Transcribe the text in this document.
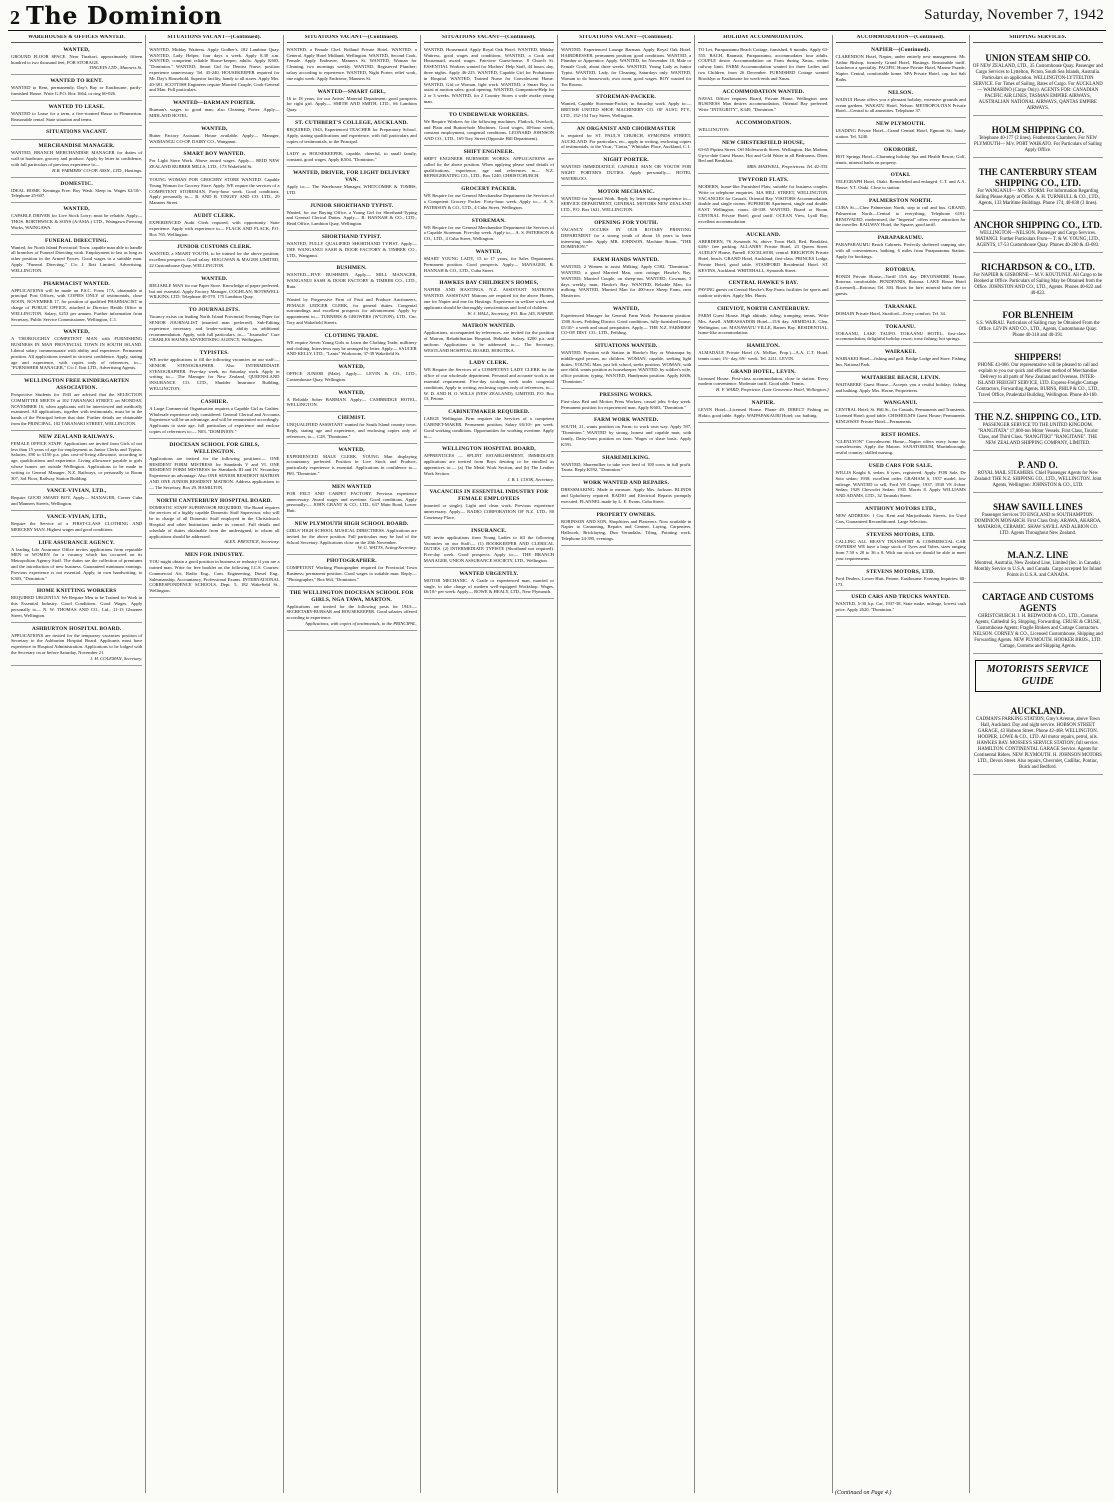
2 The Dominion	Saturday, November 7, 1942
WAREHOUSES & OFFICES WANTED.
WANTED,
GROUND FLOOR SPACE. Near Tinakori, approximately fifteen hundred to two thousand feet, FOR STORAGE.
TINGEYS LTD., Manners St.
WANTED TO RENT.
WANTED to Rent, permanently, Day's Bay or Eastbourne, partly-furnished House. Write G.P.O. Box 1664, or ring 60-026.
WANTED TO LEASE.
WANTED to Lease for a term, a five-roomed House in Plimmerton. Reasonable rental. State situation and terms.
SITUATIONS VACANT.
MERCHANDISE MANAGER.
WANTED, BRANCH MERCHANDISE MANAGER for duties of wall in hardware, grocery and produce. Apply by letter in confidence, with full particulars of previous experience to—
H.B. FARMERS' CO-OP. ASSN., LTD., Hastings.
DOMESTIC.
IDEAL HOME. Kentinga Free. Boy Wash. Sleep in. Wages £2/10/-. Telephone 25-607.
WANTED,
CAPABLE DRIVER for Live Stock Lorry; must be reliable. Apply— THOS. BORTHWICK & SONS (A/ASIA.) LTD., Waingawa Freezing Works, WAINGAWA.
FUNERAL DIRECTING.
Wanted, for North Island Provincial Town, capable man able to handle all branches of Funeral Directing work. Employment to last as long as other position in the Armed Forces. Good wages to a suitable man. Apply "Funeral Directing," C/o J. Ilott Limited, Advertising, WELLINGTON.
PHARMACIST WANTED.
APPLICATIONS will be made on P.S.C. Form 17A, obtainable at principal Post Offices, with COPIES ONLY of testimonials, close NOON, NOVEMBER 17, for position of qualified PHARMACIST in charge of PUBLIC OFFICE, attached to Director Health Office in WELLINGTON. Salary, £253 per annum. Further information from Secretary, Public Service Commissioner, Wellington, C.1.
WANTED,
A THOROUGHLY COMPETENT MAN with FURNISHING BUSINESS IN MAN PROVINCIAL TOWN IN SOUTH ISLAND. Liberal salary commensurate with ability and experience. Permanent position. All applications treated in strictest confidence. Apply, stating age and experience, with copies only of references, to— "FURNISHER MANAGER," C/o J. Ilott LTD., Advertising Agents.
WELLINGTON FREE KINDERGARTEN ASSOCIATION.
Prospective Students for 1943 are advised that the SELECTION COMMITTEE MEETS at 102 TARANAKI STREET, on MONDAY, NOVEMBER 16, when applicants will be interviewed and medically examined. All applications, together with testimonials, must be in the hands of the Principal before that date. Further details are obtainable from the PRINCIPAL, 102 TARANAKI STREET, WELLINGTON.
NEW ZEALAND RAILWAYS.
FEMALE OFFICE STAFF. Applications are invited from Girls of not less than 15 years of age for employment as Junior Clerks and Typists. Salaries, £90 to £150 p.a. plus cost-of-living allowance, according to age, qualifications and experience. Living allowance payable to girls whose homes are outside Wellington. Applications to be made in writing to General Manager, N.Z. Railways, or personally to Room 307, 3rd Floor, Railway Station Building.
VANCE-VIVIAN, LTD.,
Require GOOD SMART BOY. Apply— MANAGER, Corner Cuba and Manners Streets, Wellington.
VANCE-VIVIAN, LTD.,
Require the Service of a FIRST-CLASS CLOTHING AND MERCERY MAN. Highest wages and good conditions.
LIFE ASSURANCE AGENCY.
A leading Life Assurance Office invites applications from reputable MEN or WOMEN for a vacancy which has occurred on its Metropolitan Agency Staff. The duties are the collection of premiums and the introduction of new business. Guaranteed minimum earnings. Previous experience is not essential. Apply, in own handwriting, to K303, "Dominion."
HOME KNITTING WORKERS
REQUIRED URGENTLY. We Require Men to be Trained for Work in this Essential Industry. Good Conditions. Good Wages. Apply personally to— N. W. THOMAS AND CO., Ltd., 11-13 Ghuznee Street, Wellington.
ASHBURTON HOSPITAL BOARD.
APPLICATIONS are invited for the temporary vacancies position of Secretary to the Ashburton Hospital Board. Applicants must have experience in Hospital Administration. Applications to be lodged with the Secretary on or before Saturday, November 21.
J. H. COLEMAN, Secretary.
SITUATIONS VACANT—(Continued).
WANTED, Midday Waitress. Apply Godber's, 182 Lambton Quay. WANTED, Lady Helper, four days a week. Apply 8.30 a.m. WANTED, competent reliable House-keeper; adults. Apply K603, "Dominion." WANTED, Smart Girl for Dentist Nurse; position experience unnecessary. Tel. 45-240. HOUSEKEEPER required for Mr. Day's Household. Superior facility, handy to all stores. Apply Mrs. 40-381. SCOTTISH Engineers require Married Couple; Cook-General and Man. Full particulars.
WANTED—BARMAN PORTER.
Burman's wages to good man; also Cleaning Porter. Apply— MIDLAND HOTEL.
WANTED,
Butter Factory Assistant. House available. Apply— Manager, WAIMANGU CO-OP. DAIRY CO., Wanganui.
SMART BOY WANTED.
For Light Store Work. Above award wages. Apply— REID NEW ZEALAND RUBBER MILLS, LTD., 173 Wakefield St.
YOUNG WOMAN FOR GROCERY STORE WANTED. Capable Young Woman for Grocery Store. Apply. WE require the services of a COMPETENT STOREMAN. Forty-hour week. Good conditions. Apply personally to— R. AND B. TINGEY AND CO. LTD., 29 Manners Street.
AUDIT CLERK.
EXPERIENCED Audit Clerk required, with opportunity. State experience. Apply with experience to— FLACK AND FLACK, P.O. Box 765, Wellington.
JUNIOR CUSTOMS CLERK.
WANTED, a SMART YOUTH, to be trained for the above position; excellent prospects. Good salary. HOGGWAN & MAGER LIMITED, 22 Customhouse Quay, WELLINGTON.
WANTED.
RELIABLE MAN for our Paper Store. Knowledge of paper preferred, but not essential. Apply Factory Manager, COGHLAN, BOTHWELL WILKINS, LTD. Telephone 40-570. 175 Lambton Quay.
TO JOURNALISTS.
Vacancy exists on leading North Island Provincial Evening Paper for SENIOR JOURNALIST (married man preferred). Sub-Editing experience necessary and leader-writing ability an additional recommendation. Apply, with full particulars, to— "Journalist" Care CHARLES HAINES ADVERTISING AGENCY, Wellington.
TYPISTES.
WE invite applications to fill the following vacancies on our staff:— SENIOR STENOGRAPHER. Also INTERMEDIATE STENOGRAPHER. Five-day week, no Saturday work. Apply in writing to— The Manager for New Zealand, QUEENSLAND INSURANCE CO. LTD., Shudder Insurance Building, WELLINGTON.
CASHIER.
A Large Commercial Organisation requires a Capable Girl as Cashier. Wholesale experience only considered. General Clerical and Accounts Experience will be an advantage, and will be remunerated accordingly. Applicants to state age, full particulars of experience and enclose copies of references to:— N03, "DOMINION."
DIOCESAN SCHOOL FOR GIRLS, WELLINGTON.
Applications are invited for the following positions:— ONE RESIDENT FORM MISTRESS for Standards V and VI. ONE RESIDENT FORM MISTRESS for Standards III and IV. Secondary Experience an advantage. Also ONE SENIOR RESIDENT MATRON AND ONE JUNIOR RESIDENT MATRON. Address applications to— The Secretary, Box 29, HAMILTON.
NORTH CANTERBURY HOSPITAL BOARD.
DOMESTIC STAFF SUPERVISOR REQUIRED. The Board requires the services of a highly capable Domestic Staff Supervisor, who will be in charge of all Domestic Staff employed in the Christchurch Hospital and other Institutions under its control. Full details and schedule of duties obtainable from the undersigned, to whom all applications should be addressed.
ALEX. PRENTICE, Secretary.
MEN FOR INDUSTRY.
YOU might obtain a good position in business or industry if you are a trained man. Write for free booklet on the following I.C.S. Courses: Commercial Art, Radio Eng., Com. Engineering, Diesel Eng., Salesmanship, Accountancy, Professional Exams. INTERNATIONAL CORRESPONDENCE SCHOOLS, Dept. 5, 182 Wakefield St., Wellington.
SITUATIONS VACANT—(Continued).
WANTED, a Female Chef. Rolland Private Hotel. WANTED, a General. Apply Hotel Midland, Wellington. WANTED, Second Cook, Female. Apply Endeaver, Manners St. WANTED, Woman for Cleaning, two mornings weekly. WANTED, Registered Plumber; salary according to experience. WANTED, Night Porter; relief work, one night week. Apply Endeavor, Manners St.
WANTED—SMART GIRL,
16 to 18 years, for our Artists' Material Department; good prospects for right girl. Apply— SMITH AND SMITH, LTD., 66 Lambton Quay.
ST. CUTHBERT'S COLLEGE, AUCKLAND.
REQUIRED, 1943, Experienced TEACHER for Preparatory School. Apply, stating qualifications and experience, with full particulars and copies of testimonials, to the Principal.
LADY as HOUSEKEEPER, capable, cheerful, to small family, constant, good wages. Apply K504, "Dominion."
WANTED, DRIVER, FOR LIGHT DELIVERY VAN.
Apply to:— The Warehouse Manager, WHITCOMBE & TOMBS, LTD.
JUNIOR SHORTHAND TYPIST.
Wanted, for our Buying Office, a Young Girl for Shorthand-Typing and General Clerical Duties. Apply— R. HANNAH & CO., LTD., Head Office, Lambton Quay, Wellington.
SHORTHAND TYPIST.
WANTED, FULLY QUALIFIED SHORTHAND TYPIST. Apply— THE WANGANUI SASH & DOOR FACTORY & TIMBER CO., LTD., Wanganui.
BUSHMEN.
WANTED—FIVE BUSHMEN. Apply— MILL MANAGER, WANGANUI SASH & DOOR FACTORY & TIMBER CO., LTD., Ruia.
Wanted by Progressive Firm of Fruit and Produce Auctioneers, FEMALE LEDGER CLERK, for general duties. Congenial surroundings and excellent prospects for advancement. Apply by appointment to— TURNERS & GROWERS (W'GTON), LTD., Cnr. Tory and Wakefield Streets.
CLOTHING TRADE.
WE require Seven Young Girls to Learn the Clothing Trade, millinery and clothing. Interviews may be arranged by letter. Apply— SAUCER AND KELLY, LTD., "Lanix" Workroom, 37-39 Wakefield St.
WANTED,
OFFICE JUNIOR (Male). Apply— LEVIN & CO., LTD., Customhouse Quay, Wellington.
WANTED,
A Reliable Sober BARMAN. Apply— CAMBRIDGE HOTEL, WELLINGTON.
CHEMIST.
UNQUALIFIED ASSISTANT wanted for South Island country town. Reply, stating age and experience, and enclosing copies only of references, to— C28, "Dominion."
WANTED,
EXPERIENCED MALE CLERK. YOUNG Man displaying accountancy preferred. Position in Live Stock and Produce, particularly experience is essential. Applications in confidence to— P69, "Dominion."
MEN WANTED
FOR FELT AND CARPET FACTORY. Previous experience unnecessary. Award wages and overtime. Good conditions. Apply personally:— JOHN GRANT & CO., LTD., 637 Main Road, Lower Hutt.
NEW PLYMOUTH HIGH SCHOOL BOARD.
GIRLS' HIGH SCHOOL MUSICAL DIRECTRESS. Applications are invited for the above position. Full particulars may be had of the School Secretary. Applications close on the 20th November.
W. G. WATTS, Acting-Secretary.
PHOTOGRAPHER.
COMPETENT Working Photographer required for Provincial Town Business; permanent position. Good wages to suitable man. Reply— "Photographer," Box 664, "Dominion."
THE WELLINGTON DIOCESAN SCHOOL FOR GIRLS, NGA TAWA, MARTON.
Applications are invited for the following posts for 1943:— SECRETARY-BURSAR and HOUSEKEEPER. Good salaries offered according to experience.
Applications, with copies of testimonials, to the PRINCIPAL.
SITUATIONS VACANT—(Continued).
WANTED, Housemaid. Apply Royal Oak Hotel. WANTED, Midday Waitress, good wages and conditions. WANTED, a Cook and Housemaid, award wages. Fairview Guest-house, 8 Church St. ESSENTIAL Workers wanted for Mothers' Help Staff, 44 hours, day, three nights. Apply 46-225. WANTED, Capable Girl for Probationer in Hospital. WANTED, Trained Nurse for Convalescent Home. WANTED, Girl or Woman, light work. WANTED, a Smart Boy, to assist at auction sales; good opening. WANTED, Companion-Help for 2 or 3 weeks. WANTED, for 2 Country Stores a wide awake young man.
TO UNDERWEAR WORKERS.
We Require Workers for the following machines, Flatlock, Overlock, and Plain and Button-hole Machines. Good wages, 40-hour week, constant employment, congenial conditions. LEONARD JOHNSON AND CO., LTD., 169 Tory Street (Opposite Hill Department).
SHIFT ENGINEER.
SHIFT ENGINEER BURNSIDE WORKS. APPLICATIONS are called for the above position. When applying please send details of qualifications, experience, age and references to— N.Z. REFRIGERATING CO., LTD., Box 1240, CHRISTCHURCH.
GROCERY PACKER.
WE Require for our General Merchandise Department the Services of a Competent Grocery Packer. Forty-hour week. Apply to— A. S. PATERSON & CO., LTD., 4 Cuba Street, Wellington.
STOREMAN.
WE Require for our General Merchandise Department the Services of a Capable Storeman. Five-day week. Apply to— A. S. PATERSON & CO., LTD., 4 Cuba Street, Wellington.
WANTED,
SMART YOUNG LADY, 15 to 17 years, for Sales Department. Permanent position. Good prospects. Apply— MANAGER, R. HANNAH & CO., LTD., Cuba Street.
HAWKES BAY CHILDREN'S HOMES,
NAPIER AND HASTINGS, N.Z. ASSISTANT MATRONS WANTED. ASSISTANT Matrons are required for the above Homes, one for Napier and one for Hastings. Experience in welfare work, and applicants should be thoroughly conscientious and fond of children.
W. J. HALL, Secretary, P.O. Box 145, NAPIER.
MATRON WANTED.
Applications, accompanied by references, are invited for the position of Matron, Rehabilitation Hospital, Hokitika. Salary, £200 p.a. and uniform. Applications to be addressed to:— The Secretary, WESTLAND HOSPITAL BOARD, HOKITIKA.
LADY CLERK.
WE Require the Services of a COMPETENT LADY CLERK for the office of our wholesale department. Personal and accurate work is an essential requirement. Five-day working week under congenial conditions. Apply in writing, enclosing copies only of references, to— W. D. AND H. O. WILLS (NEW ZEALAND), LIMITED, P.O. Box 13, Petone.
CABINETMAKER REQUIRED.
LARGE Wellington Firm requires the Services of a competent CABINET-MAKER. Permanent position. Salary £6/10/- per week. Good working conditions. Opportunities for working overtime. Apply to—
WELLINGTON HOSPITAL BOARD,
APPRENTICES — SPLINT ESTABLISHMENT. IMMEDIATE applications are invited from Boys desiring to be enrolled as apprentices to:— (a) The Metal Work Section, and (b) The Leather Work Section.
J. B. I. COOK, Secretary.
VACANCIES IN ESSENTIAL INDUSTRY FOR FEMALE EMPLOYEES
(married or single). Light and clean work. Previous experience unnecessary. Apply— RADIO CORPORATION OF N.Z. LTD., 80 Courtenay Place.
INSURANCE.
WE invite applications from Young Ladies to fill the following Vacancies on our Staff:— (1) BOOKKEEPER AND CLERICAL DUTIES. (2) INTERMEDIATE TYPISTE (Shorthand not required). Five-day week. Good prospects. Apply to:— THE BRANCH MANAGER, UNION ASSURANCE SOCIETY, LTD., Wellington.
WANTED URGENTLY.
MOTOR MECHANIC. A Grade or experienced man, married or single, to take charge of modern well-equipped Workshop. Wages, £6/10/- per week. Apply— ROWE & HEALY, LTD., New Plymouth.
SITUATIONS VACANT—(Continued).
WANTED, Experienced Lounge Barman. Apply Royal Oak Hotel. HAIRDRESSER, permanent position; good conditions. WANTED, a Plumber or Apprentice. Apply. WANTED, for November 18, Male or Female Cook, about three weeks. WANTED, Young Lady as Junior Typist. WANTED, Lady, for Cleaning, Saturdays only. WANTED, Woman to do housework; own room, good wages. BOY wanted for Tea Rooms.
STOREMAN-PACKER.
Wanted, Capable Storeman-Packer, to Saturday work. Apply to:— BRITISH UNITED SHOE MACHINERY CO. OF AUST. PTY., LTD., 152-154 Tory Street, Wellington.
AN ORGANIST AND CHOIRMASTER
is required for ST. PAUL'S CHURCH, SYMONDS STREET, AUCKLAND. For particulars, etc., apply in writing, enclosing copies of testimonials, to the Vicar, "Cintra," Whittaker Place, Auckland, C.1.
NIGHT PORTER.
WANTED IMMEDIATELY, CAPABLE MAN OR YOUTH FOR NIGHT PORTER'S DUTIES. Apply personally— HOTEL WATERLOO.
MOTOR MECHANIC.
WANTED for Special Work. Reply by letter stating experience to— SERVICE DEPARTMENT, GENERAL MOTORS NEW ZEALAND LTD., P.O. Box 1621, WELLINGTON.
OPENING FOR YOUTH.
VACANCY OCCURS IN OUR ROTARY PRINTING DEPARTMENT for a strong youth of about 16 years to learn interesting trade. Apply MR. JOHNSON, Machine Room, "THE DOMINION."
FARM HANDS WANTED.
WANTED, 2 Women to assist Milking. Apply C582, "Dominion." WANTED, a good Married Man, own cottage; Hawke's Bay. WANTED, Married Couple, on sheep-run. WANTED, Cowman, 3 days weekly, man, Hawke's Bay. WANTED, Reliable Man, for milking. WANTED, Married Man for 400-acre Sheep Farm, near Masterton.
WANTED,
Experienced Manager for General Farm Work. Permanent position. 1500 Acres, Feilding District. Good conditions, fully-furnished house; £5/10/- a week and usual perquisites. Apply— THE N.Z. FARMERS' CO-OP. DIST. CO., LTD., Feilding.
SITUATIONS WANTED.
WANTED, Position with Station in Hawke's Bay or Wairarapa by middle-aged person, no children. WOMAN, capable, seeking light duties. YOUNG Man, just left school, seeks position. WOMAN, with one child, wants position as housekeeper. WANTED, by soldier's wife, office position; typing. WANTED, Handyman position. Apply K606, "Dominion."
PRESSING WORKS.
First-class Bed and Motion Press Workers, casual jobs; 6-day week. Permanent position for experienced man. Apply K603, "Dominion."
FARM WORK WANTED.
SOUTH, 21, wants position on Farm; to work own way. Apply 597, "Dominion." WANTED by strong, honest and capable man, with family, Dairy-farm position on farm. Wages or share basis. Apply K591.
SHAREMILKING.
WANTED, Sharemilker to take over herd of 100 cows in full profit. Tarata. Reply K592, "Dominion."
WORK WANTED AND REPAIRS.
DRESSMAKING. Made to measure. Apply Mrs. Jackson. BLINDS and Upholstery repaired. RADIO and Electrical Repairs promptly executed. FLANNEL made by L. E. Evans, Cuba Street.
PROPERTY OWNERS.
ROBINSON AND SON, Shopfitters and Plasterers. Now available in Napier to Cannoning, Repairs and Cement, Laying, Carpenters, Hallwork, Bricklaying, Dun Verandahs, Tiling, Pointing work. Telephone 24-395, evenings.
HOLIDAY ACCOMMODATION.
TO Let, Paraparaumu Beach Cottage, furnished, 6 months. Apply 63-555. BACH, Raumati, Paraparaumu, accommodates four adults. COUPLE desire Accommodation on Farm during Xmas, within railway limit. FARM Accommodation wanted for three Ladies and two Children, from 26 December. FURNISHED Cottage wanted Brooklyn or Eastbourne for week-ends and Xmas.
ACCOMMODATION WANTED.
NAVAL Officer requires Board, Private Home, Wellington area. BUSINESS Man desires accommodation, Oriental Bay preferred. Write "INTEGRITY", K349, "Dominion."
ACCOMMODATION.
WELLINGTON.
NEW CHESTERFIELD HOUSE,
63-65 Pipitea Street. Off Molesworth Street, Wellington. Hot Modern, Up-to-date Guest House, Hot and Cold Water in all Bedrooms, Diner, Bed and Breakfast.
MRS. MAXWELL, Proprietress. Tel. 42-335.
TWYFORD FLATS.
MODERN, home-like Furnished Flats; suitable for business couples. Write or telephone enquiries. 34A HILL STREET, WELLINGTON. VACANCIES for Casuals, Oriental Bay. VISITORS Accommodation, double and single rooms. SUPERIOR Apartment, single and double. EAST Wellington, room. 40-338. WANTED, Board or Room. CENTRAL Private Hotel; good tariff. OCEAN View, Lyall Bay; excellent accommodation.
AUCKLAND.
ABERDEEN, 76 Symonds St, above Town Hall; Bed, Breakfast, £4/6/- free parking. ALLANBY Private Hotel, 23 Queen Street. AUDLEY House, Parnell. EXCELSIOR, central. BRIGHTON Private Hotel, beach. GRAND Hotel, Auckland; first-class. PRINCES Lodge, Private Hotel; good table. STAMFORD Residential Hotel. ST. KEVINS, Auckland. WHITEHALL, Symonds Street.
CENTRAL HAWKE'S BAY.
PAVING guests on Central Hawke's Bay Farm; facilities for sports and outdoor activities. Apply Mrs. Harris.
CHEVIOT, NORTH CANTERBURY.
FARM Guest House. High altitude, riding, tramping, tennis. Write Mrs. Ansell. AMBASSADOR Hotel—15/6 day. ARMIDALE, Glen, Wellington, car. MANAWATU VILLE, Barnes Bay. RESIDENTIAL, home-like accommodation.
HAMILTON.
ALMADALE Private Hotel (A. McRae, Prop.)—A.A. C.T. Hotel; tennis court; 15/- day, 69/- week. Tel. 2211. LEVIN.
GRAND HOTEL, LEVIN.
Licensed House. First-class accommodation, close to station. Every modern convenience. Moderate tariff. Good table. Tennis.
H. F. WARD, Proprietor. (Late Grosvenor Hotel, Wellington.)
NAPIER.
LEVIN Hotel—Licensed House. Phone 49. DIRECT Fishing on Hokio, good table. Apply. WAIPAPAKAURI Hotel; car; bathing.
ACCOMMODATION—(Continued).
NAPIER—(Continued).
CLARENDON Hotel, Napier, under entirely new management. Mr. Arthur Bishop, formerly Grand Hotel, Hastings. Reasonable tariff. Luncheon a speciality. PACIFIC House Private Hotel, Marine Parade, Napier. Central, comfortable home. SPA Private Hotel, cap. hot Salt Baths.
NELSON.
WAINUI House offers you a pleasant holiday; extensive grounds and ocean gardens. WAKATU Hotel, Nelson. METROPOLITAN Private Hotel—Central to all amenities. Telephone 37.
NEW PLYMOUTH.
LEADING Private Hotel—Grand Central Hotel, Egmont St.; handy station. Tel. 3240.
OKOROIRE.
HOT Springs Hotel—Charming holiday Spa and Health Resort; Golf, tennis, mineral baths on property.
OTAKI.
TELEGRAPH Hotel, Otaki. Remodelled and enlarged. C.T. and A.A. House; Y.T. Otaki. Close to station.
PALMERSTON NORTH.
CUBA St.—Chez Palmerston North, step to rail and bus. GRAND, Palmerston North—Central to everything; Telephone 6191. RENOVATED, modernised, the "Imperial" offers every attraction for the traveller. RAILWAY Hotel, the Square; good tariff.
PARAPARAUMU.
PARAPARAUMU Beach Cabinets. Perfectly sheltered camping site, with all conveniences, bathing; 6 miles from Paraparaumu Station. Apply for bookings.
ROTORUA.
BONDI Private House—Tariff 15/6 day. DEVONSHIRE House, Rotorua; comfortable. PENDENNIS, Rotorua. LAKE House Hotel (Licensed)—Rotorua; Tel. 303. Boats for hire; mineral baths free to guests.
TARANAKI.
DOMAIN Private Hotel, Stratford—Every comfort; Tel. 34.
TOKAANU.
TOKAANU, LAKE TAUPO. TOKAANU HOTEL, first-class accommodation; delightful holiday resort; trout fishing; hot springs.
WAIRAKEI.
WAIRAKEI Hotel—fishing and golf. Bridge Lodge and Store. Fishing Inn, National Park.
WAITARERE BEACH, LEVIN.
WAITARERE Guest House—Accepts you a restful holiday; fishing and bathing. Apply Mrs. Horne, Proprietress.
WANGANUI.
CENTRAL Hotel; St. Hill St., for Casuals, Permanents and Transients. Licensed Hotel; good table. CHISHOLM'S Guest House; Permanents. KINGSWAY Private Hotel—Permanents.
REST HOMES.
"GLENLYON" Convalescent Home—Napier offers every home for convalescents. Apply the Matron. SANATORIUM, Martinborough; restful country; skilled nursing.
USED CARS FOR SALE.
WILLIS Knight 6, sedan, 6 tyres, registered. Apply. FOR Sale, De Soto sedan; 1938; excellent order. GRAHAM 6, 1937 model, low mileage. WANTED to sell, Ford V8 Coupe, 1937. 1930 V8 4-door Sedan; 1928 Chevrolet Sedan; 1935 Morris 8. Apply WILLIAMS AND ADAMS, LTD., 32 Taranaki Street.
ANTHONY MOTORS LTD.,
NEW ADDRESS: 1 Cnr. Kent and Marjoribanks Streets, for Used Cars, Guaranteed Reconditioned. Large Selection.
STEVENS MOTORS, LTD.
CALLING ALL HEAVY TRANSPORT & COMMERCIAL CAR OWNERS! WE have a large stock of Tyres and Tubes, sizes ranging from 7.50 x 20 to 36 x 8. With our stock we should be able to meet your requirements.
STEVENS MOTORS, LTD.
Ford Dealers, Lower Hutt, Petone, Eastbourne. Evening Inquiries: 60-173.
USED CARS AND TRUCKS WANTED.
WANTED, 5-30 h.p. Car, 1937-38. State make, mileage, lowest cash price. Apply 2620, "Dominion."
SHIPPING SERVICES.
UNION STEAM SHIP CO.
OF NEW ZEALAND, LTD., 35 Customhouse Quay. Passenger and Cargo Services to Lyttelton, Picton, South Sea Islands, Australia. Particulars on application. WELLINGTON-LYTTELTON SERVICE. For Times of Sailing, Rates of Cargo. For AUCKLAND— WAIMARINO (Cargo Only). AGENTS FOR: CANADIAN PACIFIC AIR LINES, TASMAN EMPIRE AIRWAYS, AUSTRALIAN NATIONAL AIRWAYS, QANTAS EMPIRE AIRWAYS.
HOLM SHIPPING CO.
Telephone 40-177 (3 lines). Featherston Chambers. For NEW PLYMOUTH— M/v. PORT WAIKATO. For Particulars of Sailing Apply Office.
THE CANTERBURY STEAM SHIPPING CO., LTD.
For WANGANUI— M/v. STORM. For Information Regarding Sailing Please Apply at Office. A. H. TURNBULL & CO., LTD., Agents, 133 Maritime Buildings. Phone 174, 40-830 (3 lines).
ANCHOR SHIPPING CO., LTD.
WELLINGTON—NELSON. Passenger and Cargo Services. MATANGI. Further Particulars From— T. & W. YOUNG, LTD., AGENTS, 17-53 Customhouse Quay. Phones 40-280 & 43-083.
RICHARDSON & CO., LTD.
For NAPIER & GISBORNE— M.V. KOUTUNUI. All Cargo to be Booked at Office. Particulars of Sailing May be Obtained from the Office. JOHNSTON AND CO., LTD., Agents. Phones 40-822 and 40-823.
FOR BLENHEIM
S.S. WAIRAU. Particulars of Sailing may be Obtained From the Office. LEVIN AND CO., LTD., Agents, Customhouse Quay. Phone 40-310 and 40-391.
SHIPPERS!
PHONE 43-066. Our representative will be pleased to call and explain to you our quick and efficient method of Merchandise Delivery to all parts of New Zealand and Overseas. INTER-ISLAND FREIGHT SERVICE, LTD. Express-Freight-Cartage Contractors, Forwarding Agents. BURNS, PHILP & CO., LTD., Travel Office, Prudential Building, Wellington. Phone 40-160.
THE N.Z. SHIPPING CO., LTD.
PASSENGER SERVICE TO THE UNITED KINGDOM. "RANGITATA" 17,000-ton Motor Vessels. First Class, Tourist Class, and Third Class. "RANGITIKI" "RANGITANE". THE NEW ZEALAND SHIPPING COMPANY, LIMITED.
P. AND O.
ROYAL MAIL STEAMERS. Chief Passenger Agents for New Zealand: THE N.Z. SHIPPING CO., LTD., WELLINGTON. Joint Agents, Wellington: JOHNSTON & CO., LTD.
SHAW SAVILL LINES
Passenger Services TO ENGLAND to SOUTHAMPTON. DOMINION MONARCH. First Class Only. ARAWA, AKAROA, MATAROA, CERAMIC. SHAW SAVILL AND ALBION CO. LTD. Agents Throughout New Zealand.
M.A.N.Z. LINE
Montreal, Australia, New Zealand Line, Limited (Inc. in Canada). Monthly Service to U.S.A. and Canada. Cargo accepted for Inland Points in U.S.A. and CANADA.
CARTAGE AND CUSTOMS AGENTS
CHRISTCHURCH. J. H. REDWOOD & CO., LTD., Customs Agents, Cathedral Sq. Shipping, Forwarding. CRUSE & CRUSE, Customhouse Agents; Fragile Brokers and Cartage Contractors. NELSON. CORNEY & CO., Licensed Customhouse, Shipping and Forwarding Agents. NEW PLYMOUTH. HOOKER BROS., LTD. Cartage, Customs and Shipping Agents.
MOTORISTS SERVICE GUIDE
AUCKLAND.
CADMAN'S PARKING STATION, Grey's Avenue, above Town Hall, Auckland. Day and night service. HOBSON STREET GARAGE, 43 Hobson Street. Phone 42-468. WELLINGTON. HOOPER, LOWE & CO., LTD. All motor repairs, petrol, oils. HAWKES BAY. MOSSES'S SERVICE STATION; full service. HAMILTON. CONTINENTAL GARAGE Service. Agents for Continental Riders. NEW PLYMOUTH. H. JOHNSON MOTORS LTD., Devon Street. Also repairs, Chevrolet, Cadillac, Pontiac, Buick and Bedford.
(Continued on Page 4.)
